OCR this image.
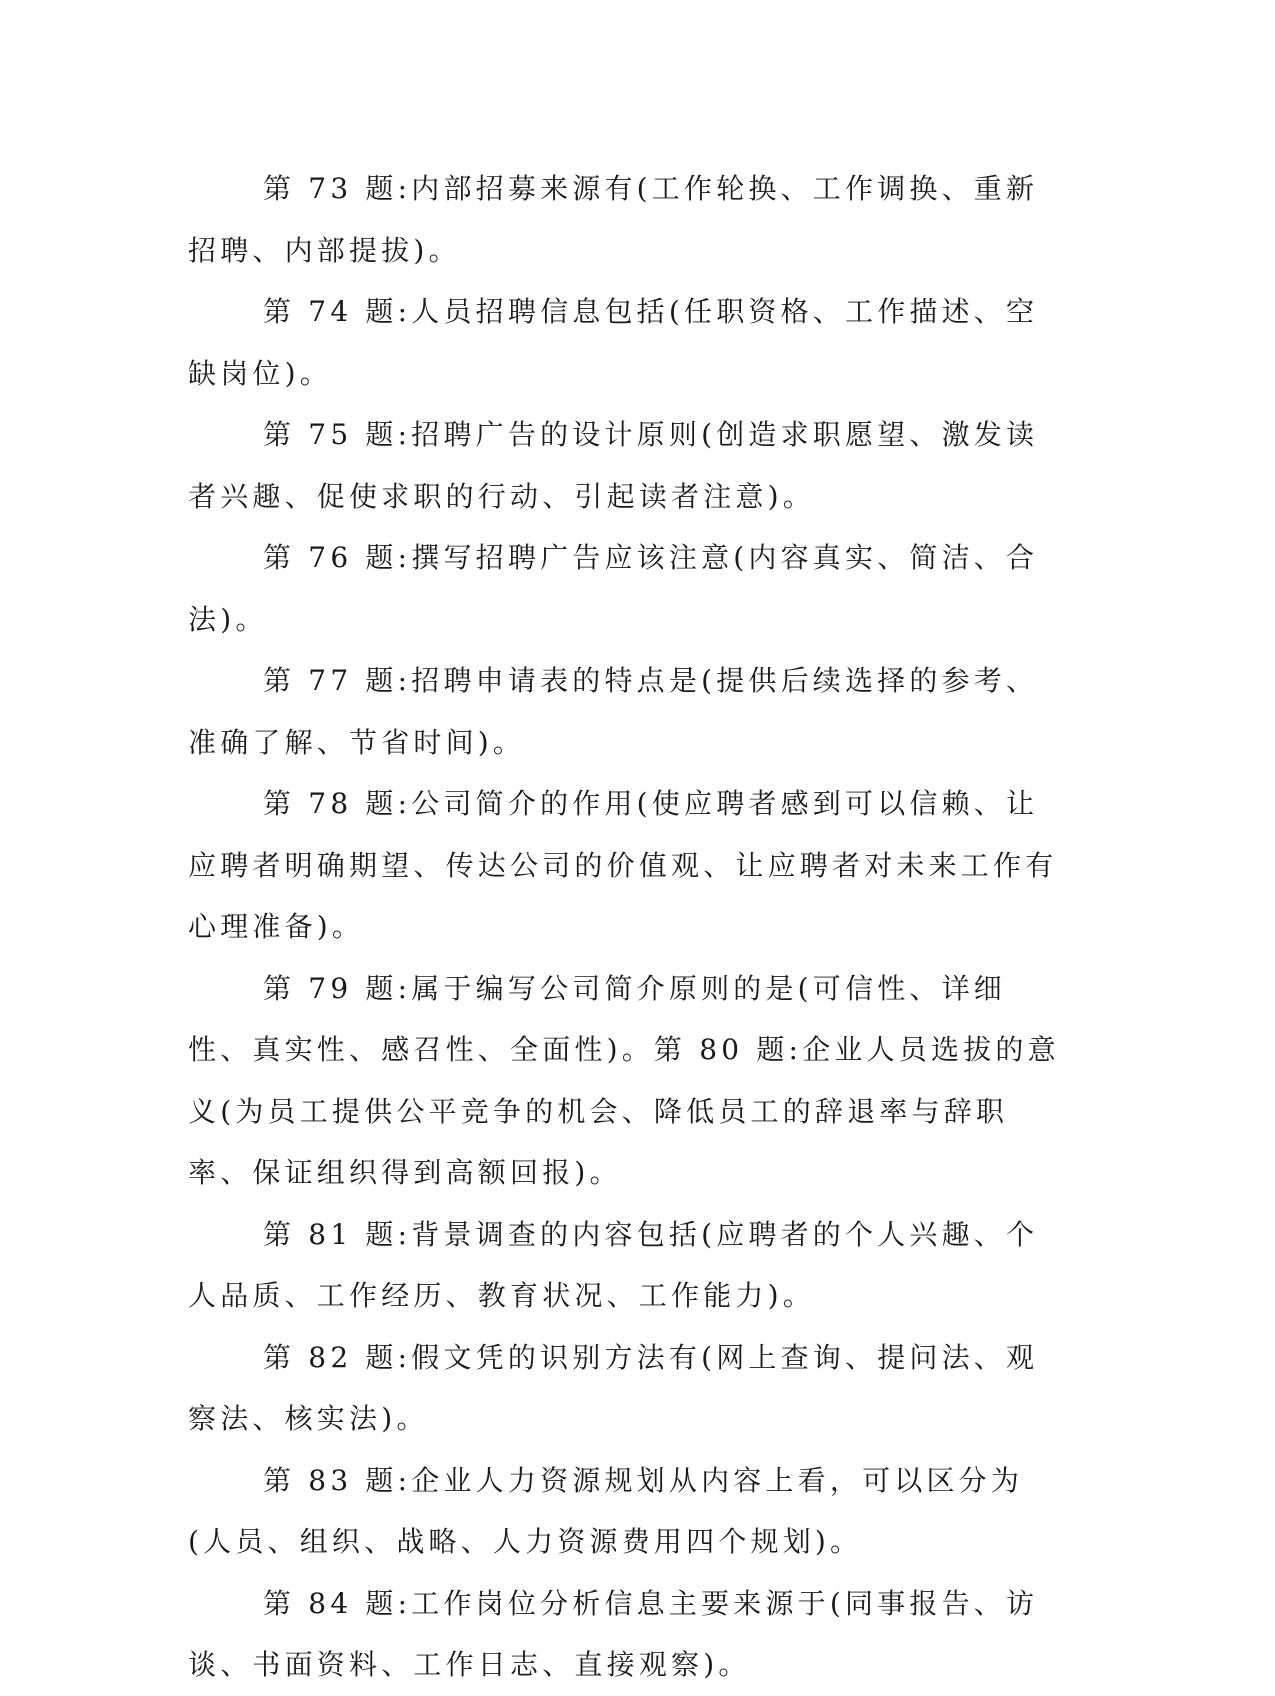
第 73 题:内部招募来源有(工作轮换、工作调换、重新招聘、内部提拔)。

第 74 题:人员招聘信息包括(任职资格、工作描述、空缺岗位)。

第 75 题:招聘广告的设计原则(创造求职愿望、激发读者兴趣、促使求职的行动、引起读者注意)。

第 76 题:撰写招聘广告应该注意(内容真实、简洁、合法)。

第 77 题:招聘申请表的特点是(提供后续选择的参考、准确了解、节省时间)。

第 78 题:公司简介的作用(使应聘者感到可以信赖、让应聘者明确期望、传达公司的价值观、让应聘者对未来工作有心理准备)。

第 79 题:属于编写公司简介原则的是(可信性、详细性、真实性、感召性、全面性)。第 80 题:企业人员选拔的意义(为员工提供公平竞争的机会、降低员工的辞退率与辞职率、保证组织得到高额回报)。

第 81 题:背景调查的内容包括(应聘者的个人兴趣、个人品质、工作经历、教育状况、工作能力)。

第 82 题:假文凭的识别方法有(网上查询、提问法、观察法、核实法)。

第 83 题:企业人力资源规划从内容上看，可以区分为(人员、组织、战略、人力资源费用四个规划)。

第 84 题:工作岗位分析信息主要来源于(同事报告、访谈、书面资料、工作日志、直接观察)。
